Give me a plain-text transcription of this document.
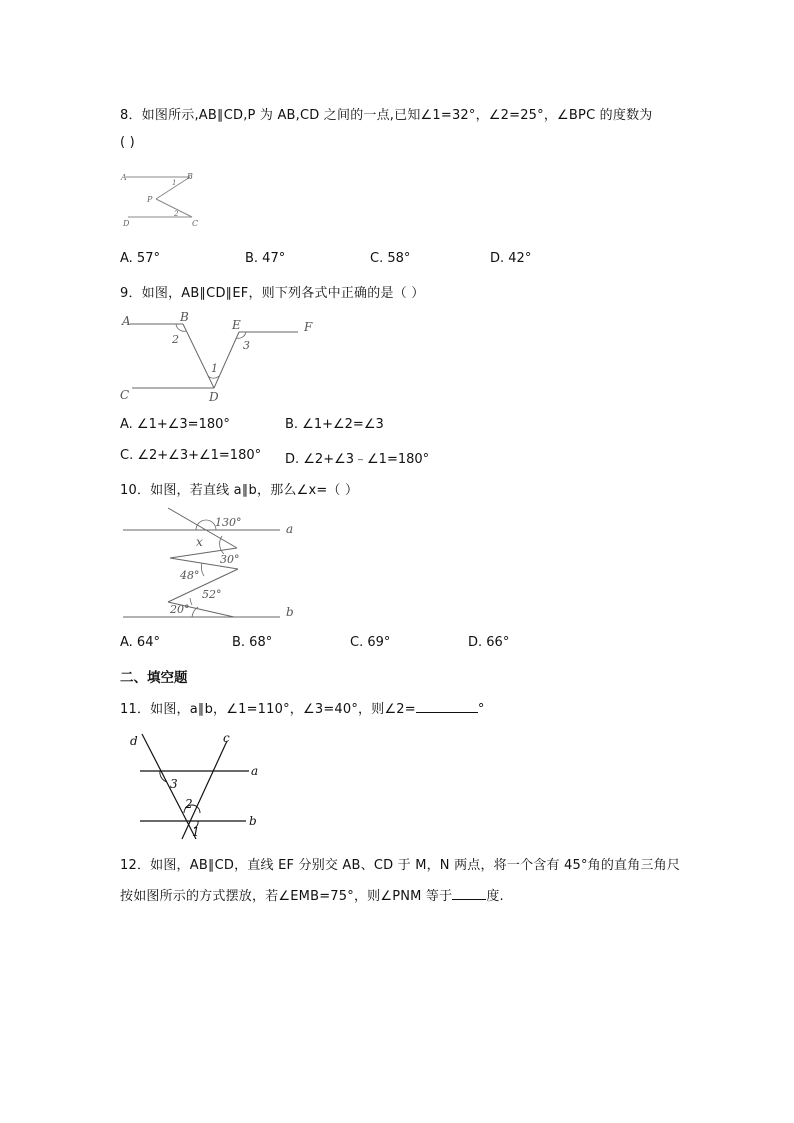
8．如图所示,AB∥CD,P 为 AB,CD 之间的一点,已知∠1=32°，∠2=25°，∠BPC 的度数为
( )
A	B
1
P
2
D	C
A. 57°	B. 47°	C. 58°	D. 42°
9．如图，AB∥CD∥EF，则下列各式中正确的是（ ）
A	B
2
E
3
F
1
C	D
A. ∠1+∠3=180°	B. ∠1+∠2=∠3
C. ∠2+∠3+∠1=180° D. ∠2+∠3﹣∠1=180°
10．如图，若直线 a∥b，那么∠x=（ ）
130°	a
x
30°
48°
52°
20°	b
A. 64°	B. 68°	C. 69°	D. 66°
二、填空题
11．如图，a∥b，∠1=110°，∠3=40°，则∠2=	°
d	c
a
3
2
b
1
12．如图，AB∥CD，直线 EF 分别交 AB、CD 于 M，N 两点，将一个含有 45°角的直角三角尺
按如图所示的方式摆放，若∠EMB=75°，则∠PNM 等于	度.
